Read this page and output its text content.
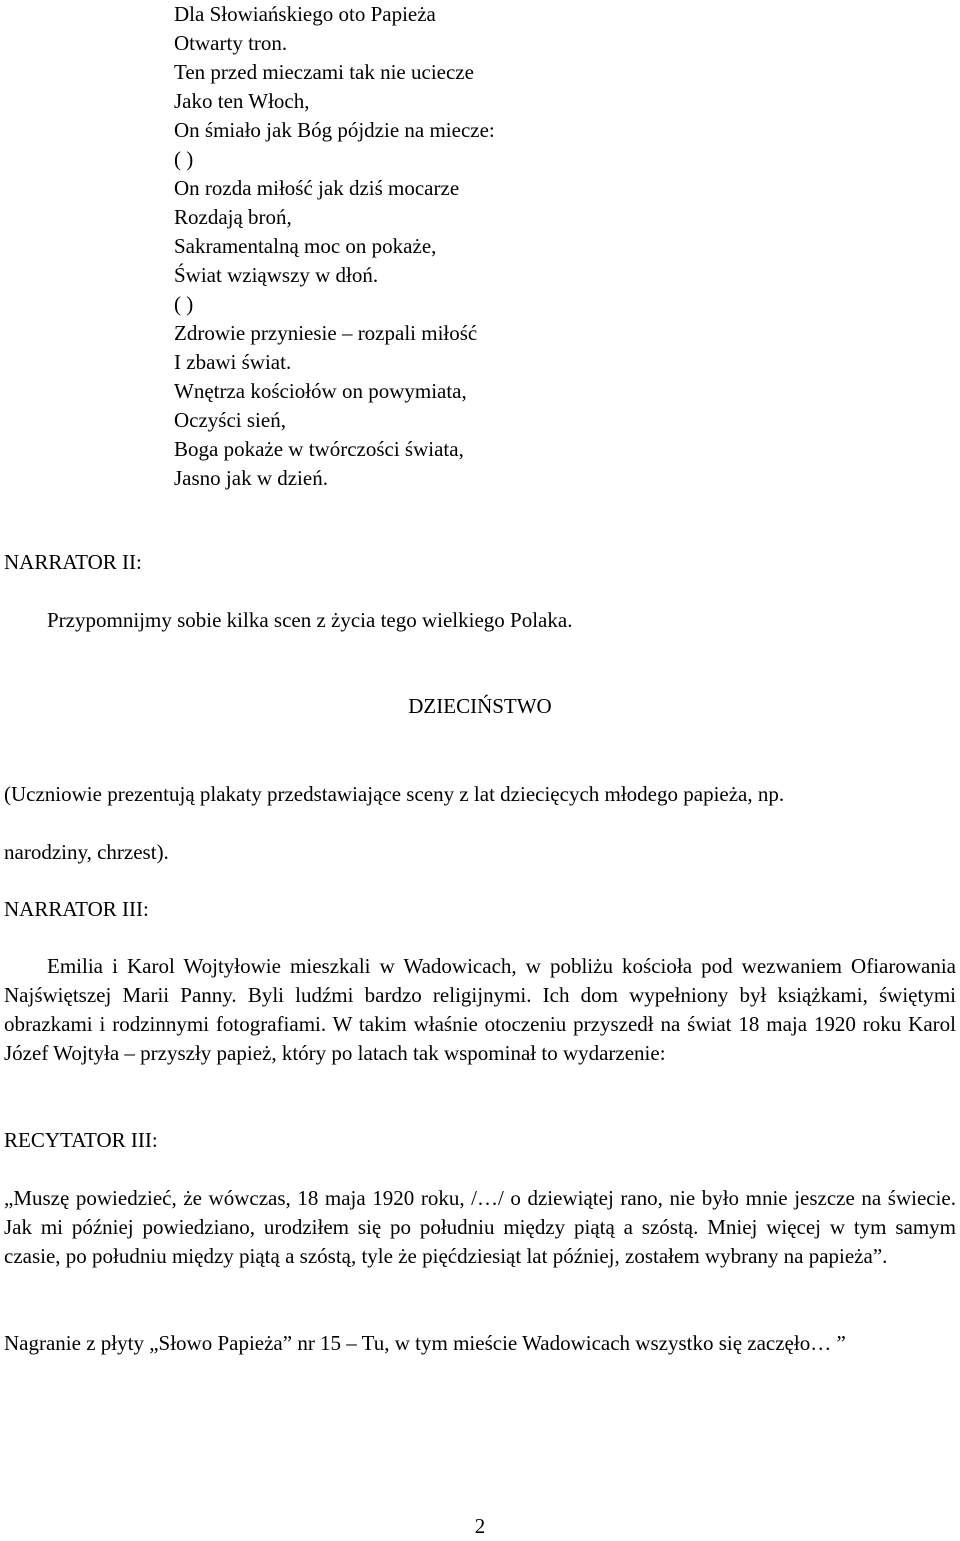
Dla Słowiańskiego oto Papieża
Otwarty tron.
Ten przed mieczami tak nie uciecze
Jako ten Włoch,
On śmiało jak Bóg pójdzie na miecze:
( )
On rozda miłość jak dziś mocarze
Rozdają broń,
Sakramentalną moc on pokaże,
Świat wziąwszy w dłoń.
( )
Zdrowie przyniesie – rozpali miłość
I zbawi świat.
Wnętrza kościołów on powymiata,
Oczyści sień,
Boga pokaże w twórczości świata,
Jasno jak w dzień.
NARRATOR II:
Przypomnijmy sobie kilka scen z życia tego wielkiego Polaka.
DZIECIŃSTWO
(Uczniowie prezentują plakaty przedstawiające sceny z lat dziecięcych młodego papieża, np.
narodziny, chrzest).
NARRATOR III:
Emilia i Karol Wojtyłowie mieszkali w Wadowicach, w pobliżu kościoła pod wezwaniem Ofiarowania Najświętszej Marii Panny. Byli ludźmi bardzo religijnymi. Ich dom wypełniony był książkami, świętymi obrazkami i rodzinnymi fotografiami. W takim właśnie otoczeniu przyszedł na świat 18 maja 1920 roku Karol Józef Wojtyła – przyszły papież, który po latach tak wspominał to wydarzenie:
RECYTATOR III:
„Muszę powiedzieć, że wówczas, 18 maja 1920 roku, /…/ o dziewiątej rano, nie było mnie jeszcze na świecie. Jak mi później powiedziano, urodziłem się po południu między piątą a szóstą. Mniej więcej w tym samym czasie, po południu między piątą a szóstą, tyle że pięćdziesiąt lat później, zostałem wybrany na papieża”.
Nagranie z płyty „Słowo Papieża” nr 15 – Tu, w tym mieście Wadowicach wszystko się zaczęło… ”
2
